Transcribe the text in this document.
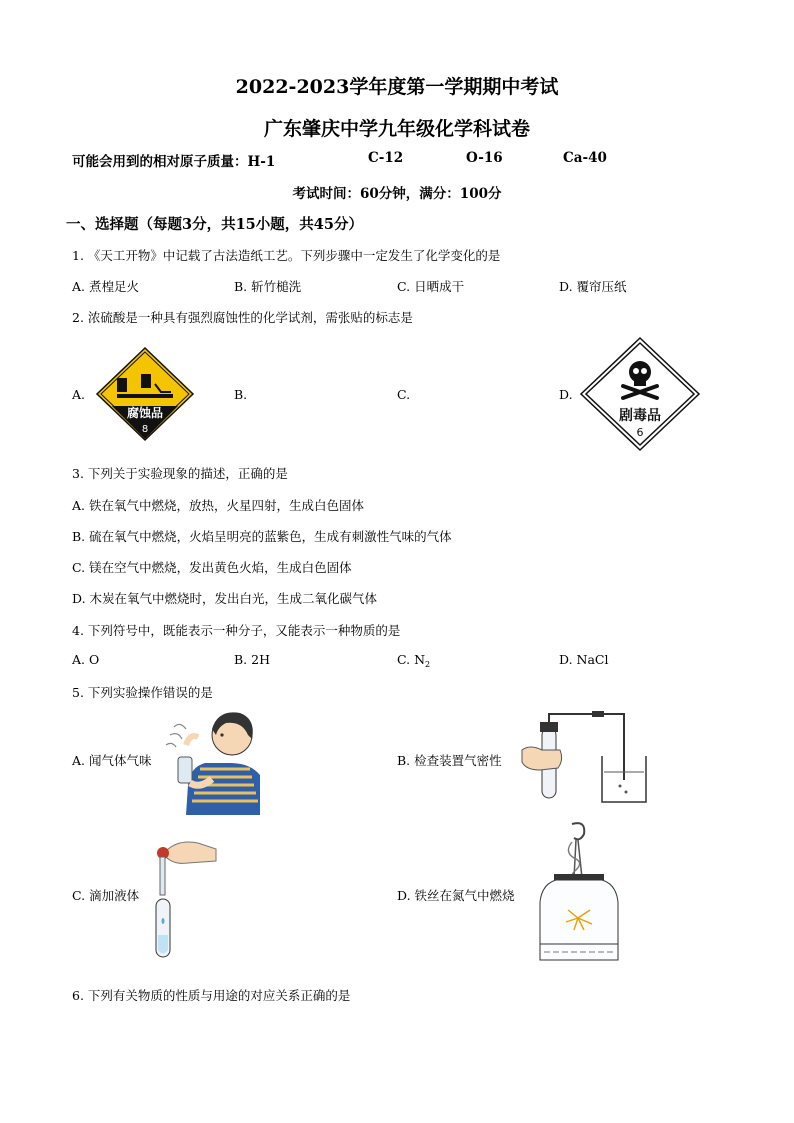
2022-2023学年度第一学期期中考试
广东肇庆中学九年级化学科试卷
可能会用到的相对原子质量：H-1	C-12	O-16	Ca-40
考试时间：60分钟，满分：100分
一、选择题（每题3分，共15小题，共45分）
1. 《天工开物》中记载了古法造纸工艺。下列步骤中一定发生了化学变化的是
A. 煮楻足火	B. 斩竹槌洗	C. 日晒成干	D. 覆帘压纸
2. 浓硫酸是一种具有强烈腐蚀性的化学试剂，需张贴的标志是
A.	B.	C.	D.
腐蚀品
8
剧毒品
6
3. 下列关于实验现象的描述，正确的是
A. 铁在氧气中燃烧，放热，火星四射，生成白色固体
B. 硫在氧气中燃烧，火焰呈明亮的蓝紫色，生成有刺激性气味的气体
C. 镁在空气中燃烧，发出黄色火焰，生成白色固体
D. 木炭在氧气中燃烧时，发出白光，生成二氧化碳气体
4. 下列符号中，既能表示一种分子，又能表示一种物质的是
A. O	B. 2H	C. $N_2$	D. NaCl
5. 下列实验操作错误的是
A. 闻气体气味	B. 检查装置气密性
C. 滴加液体	D. 铁丝在氮气中燃烧
6. 下列有关物质的性质与用途的对应关系正确的是
